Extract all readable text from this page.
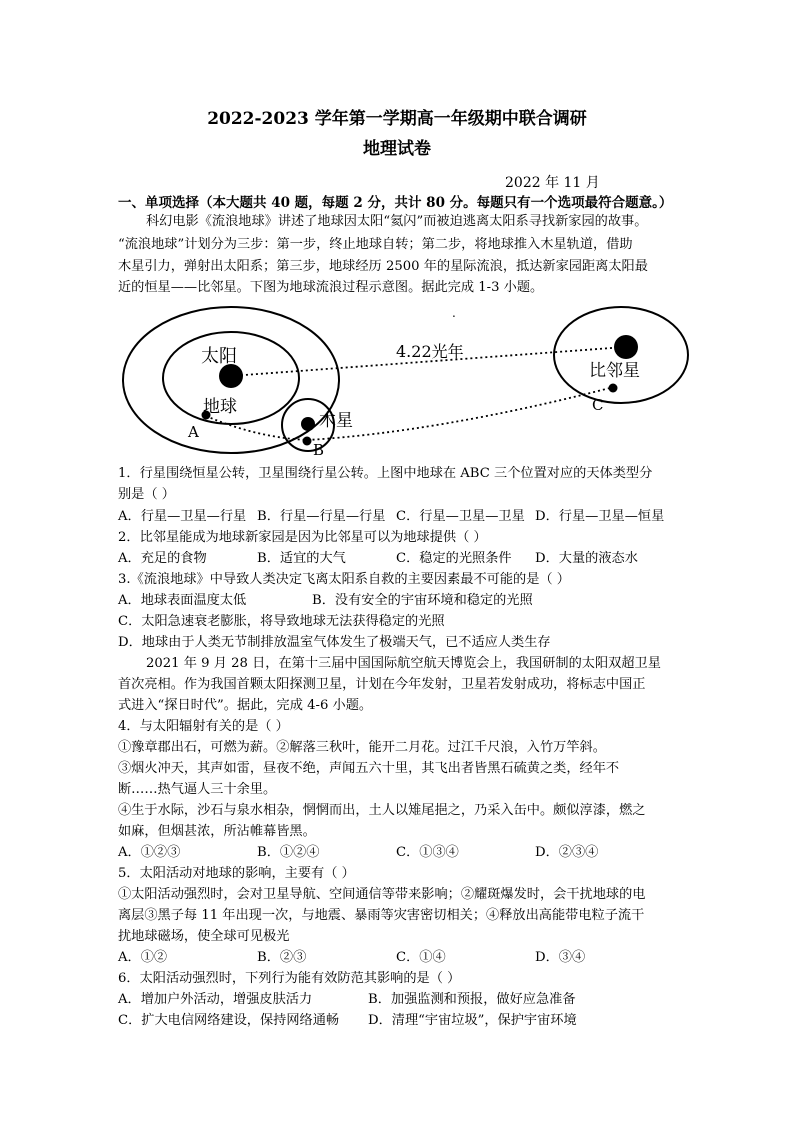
2022-2023 学年第一学期高一年级期中联合调研
地理试卷
2022 年 11 月
一、单项选择（本大题共 40 题，每题 2 分，共计 80 分。每题只有一个选项最符合题意。）
科幻电影《流浪地球》讲述了地球因太阳“氦闪”而被迫逃离太阳系寻找新家园的故事。
“流浪地球”计划分为三步：第一步，终止地球自转；第二步，将地球推入木星轨道，借助
木星引力，弹射出太阳系；第三步，地球经历 2500 年的星际流浪，抵达新家园距离太阳最
近的恒星——比邻星。下图为地球流浪过程示意图。据此完成 1-3 小题。
.
太阳
地球
木星
比邻星
4.22光年
A
B
C
1．行星围绕恒星公转，卫星围绕行星公转。上图中地球在 ABC 三个位置对应的天体类型分
别是（ ）
A．行星—卫星—行星 B．行星—行星—行星 C．行星—卫星—卫星 D．行星—卫星—恒星
2．比邻星能成为地球新家园是因为比邻星可以为地球提供（ ）
A．充足的食物	B．适宜的大气	C．稳定的光照条件 D．大量的液态水
3.《流浪地球》中导致人类决定飞离太阳系自救的主要因素最不可能的是（ ）
A．地球表面温度太低	B．没有安全的宇宙环境和稳定的光照
C．太阳急速衰老膨胀，将导致地球无法获得稳定的光照
D．地球由于人类无节制排放温室气体发生了极端天气，已不适应人类生存
2021 年 9 月 28 日，在第十三届中国国际航空航天博览会上，我国研制的太阳双超卫星
首次亮相。作为我国首颗太阳探测卫星，计划在今年发射，卫星若发射成功，将标志中国正
式进入“探日时代”。据此，完成 4-6 小题。
4．与太阳辐射有关的是（ ）
①豫章郡出石，可燃为薪。②解落三秋叶，能开二月花。过江千尺浪，入竹万竿斜。
③烟火冲天，其声如雷，昼夜不绝，声闻五六十里，其飞出者皆黑石硫黄之类，经年不
断……热气逼人三十余里。
④生于水际，沙石与泉水相杂，惘惘而出，土人以雉尾挹之，乃采入缶中。颇似淳漆，燃之
如麻，但烟甚浓，所沾帷幕皆黑。
A．①②③	B．①②④	C．①③④	D．②③④
5．太阳活动对地球的影响，主要有（ ）
①太阳活动强烈时，会对卫星导航、空间通信等带来影响；②耀斑爆发时，会干扰地球的电
离层③黑子每 11 年出现一次，与地震、暴雨等灾害密切相关；④释放出高能带电粒子流干
扰地球磁场，使全球可见极光
A．①②	B．②③	C．①④	D．③④
6．太阳活动强烈时，下列行为能有效防范其影响的是（ ）
A．增加户外活动，增强皮肤活力	B．加强监测和预报，做好应急准备
C．扩大电信网络建设，保持网络通畅 D．清理“宇宙垃圾”，保护宇宙环境
